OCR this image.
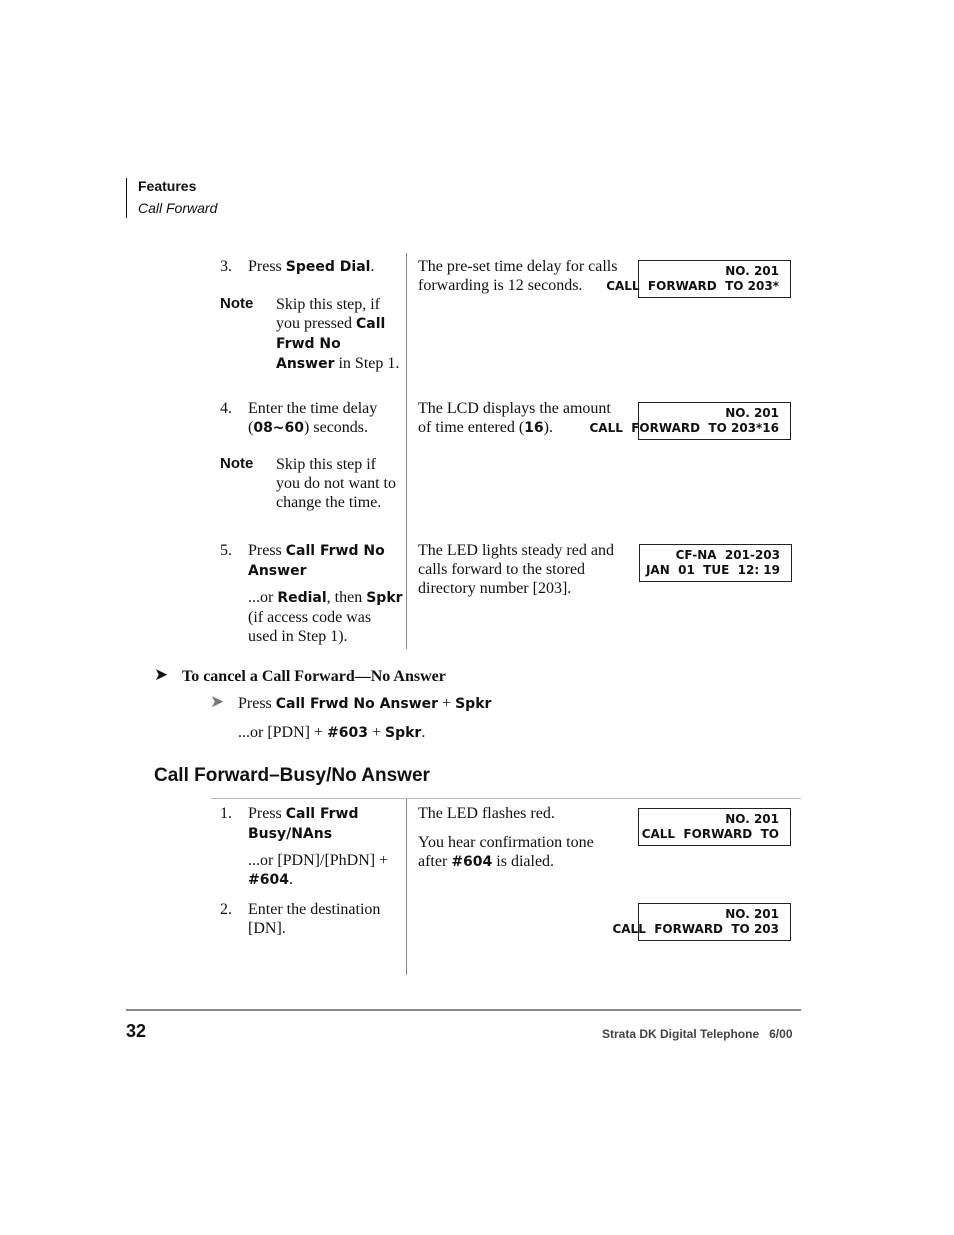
Features
Call Forward
3.	Press Speed Dial.
Note Skip this step, if you pressed Call Frwd No Answer in Step 1.
The pre-set time delay for calls forwarding is 12 seconds.
NO. 201
CALL  FORWARD  TO 203*
4.	Enter the time delay (08~60) seconds.
Note Skip this step if you do not want to change the time.
The LCD displays the amount of time entered (16).
NO. 201
CALL  FORWARD  TO 203*16
5.	Press Call Frwd No Answer
...or Redial, then Spkr (if access code was used in Step 1).
The LED lights steady red and calls forward to the stored directory number [203].
CF-NA  201-203
JAN  01  TUE  12: 19
➤ To cancel a Call Forward—No Answer
➤ Press Call Frwd No Answer + Spkr
...or [PDN] + #603 + Spkr.
Call Forward–Busy/No Answer
1.	Press Call Frwd Busy/NAns
...or [PDN]/[PhDN] + #604.
The LED flashes red.
You hear confirmation tone after #604 is dialed.
NO. 201
CALL  FORWARD  TO
2.	Enter the destination [DN].
NO. 201
CALL  FORWARD  TO 203
32	Strata DK Digital Telephone   6/00
